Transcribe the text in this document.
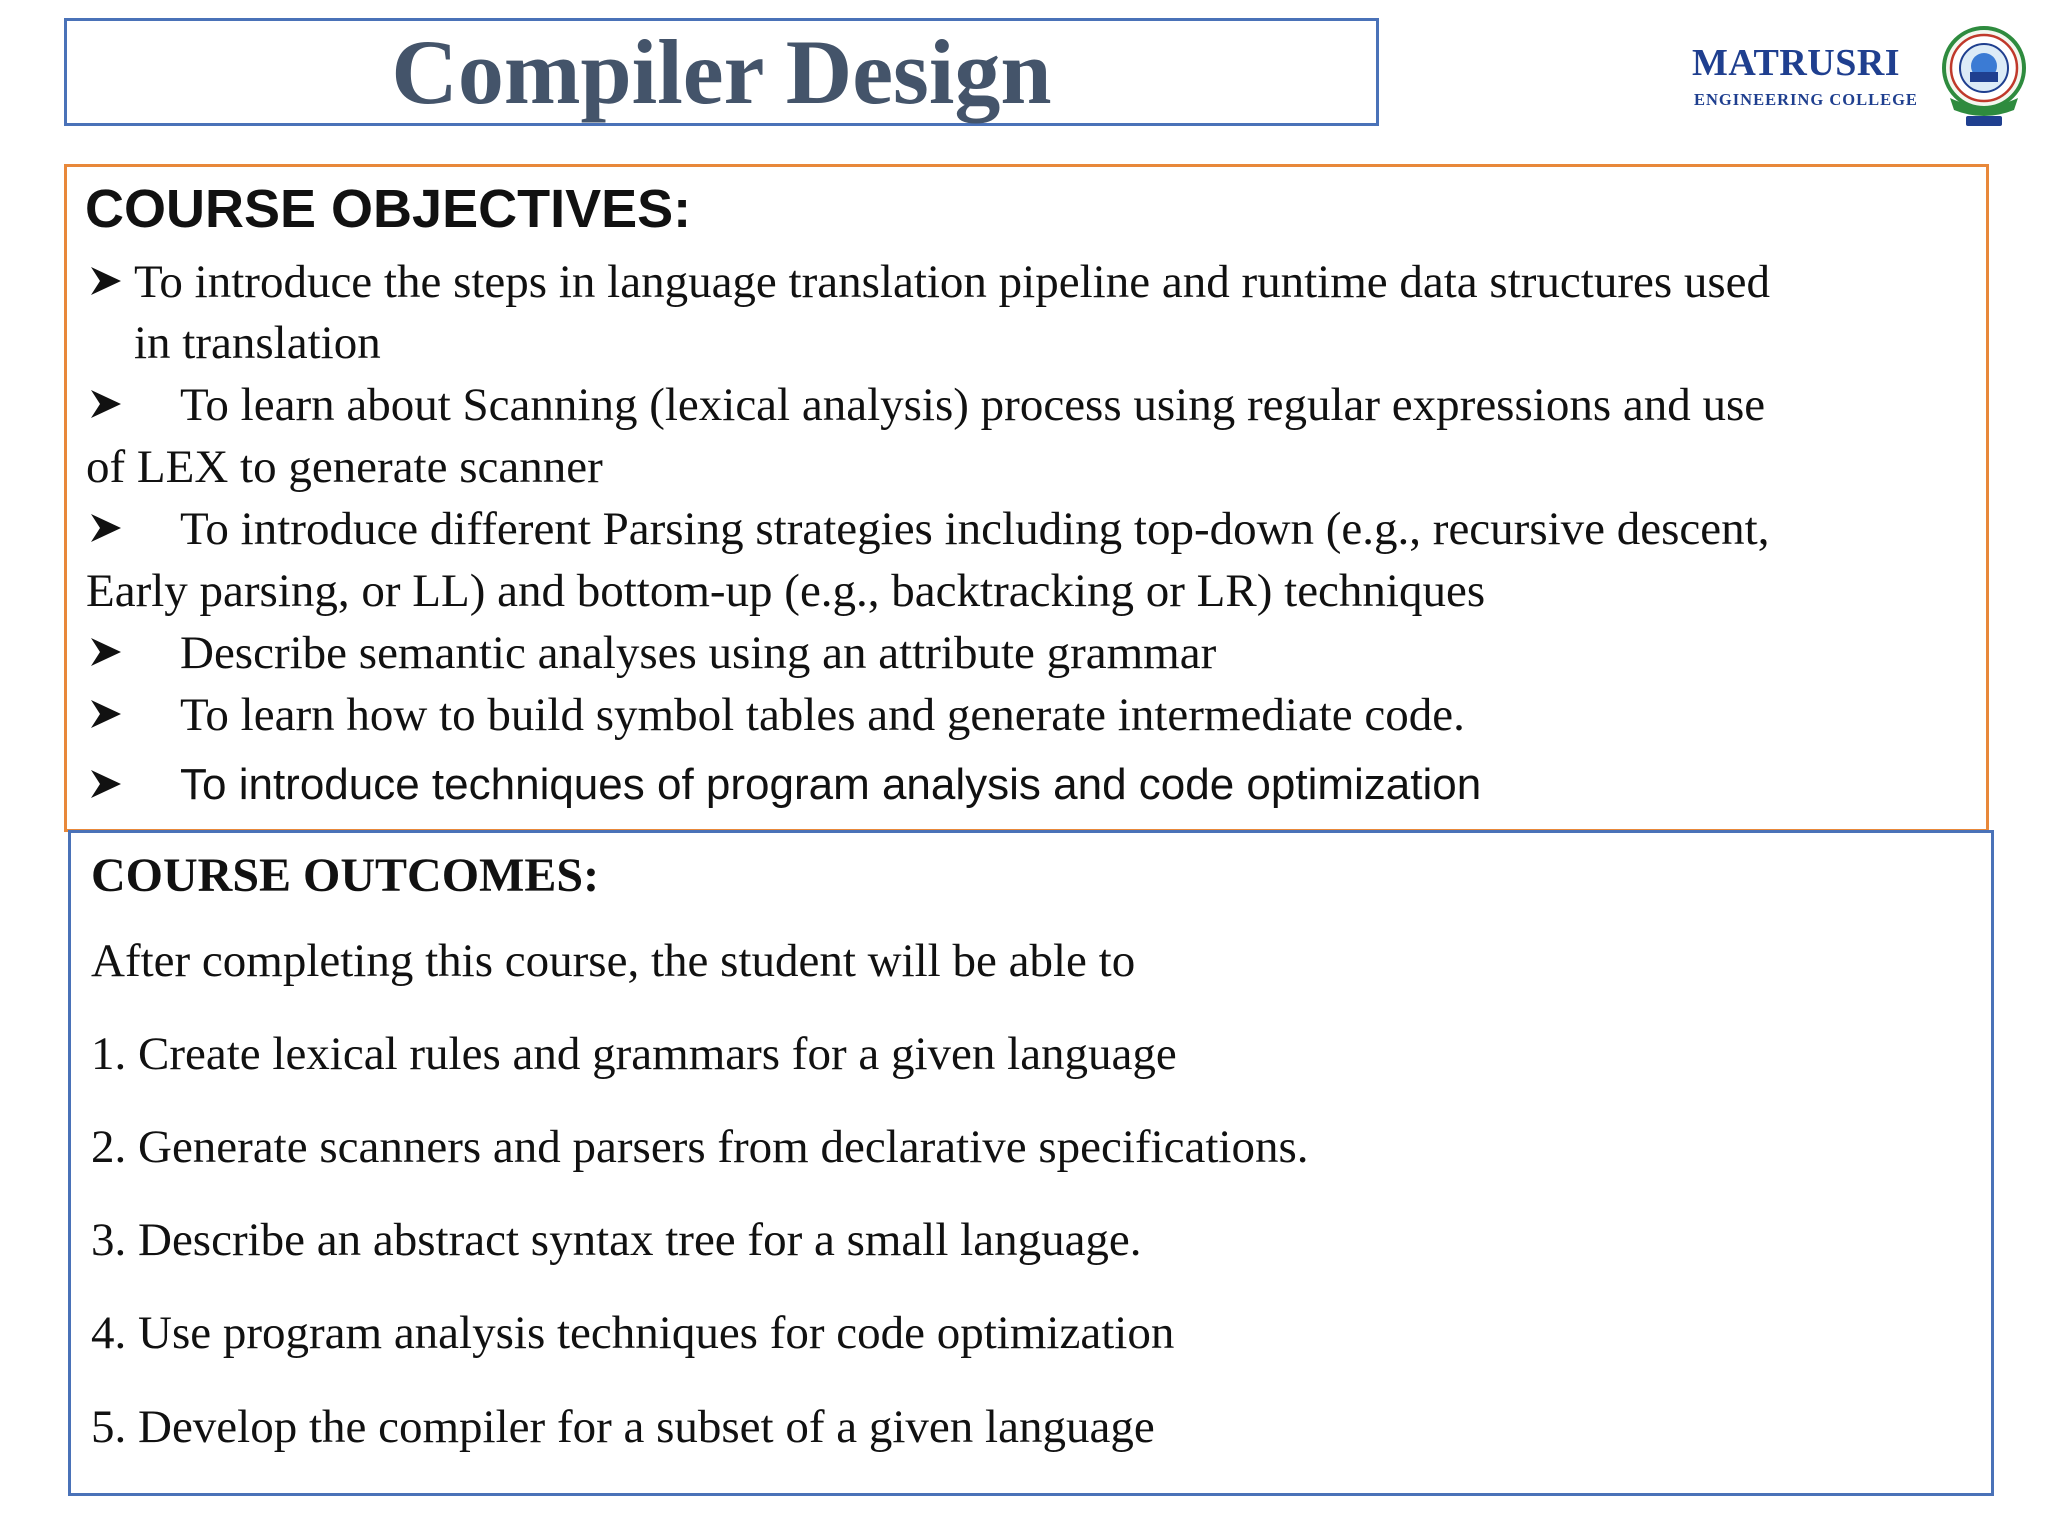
Compiler Design	MATRUSRI
ENGINEERING COLLEGE
COURSE OBJECTIVES:
To introduce the steps in language translation pipeline and runtime data structures used
in translation
To learn about Scanning (lexical analysis) process using regular expressions and use
of LEX to generate scanner
To introduce different Parsing strategies including top-down (e.g., recursive descent,
Early parsing, or LL) and bottom-up (e.g., backtracking or LR) techniques
Describe semantic analyses using an attribute grammar
To learn how to build symbol tables and generate intermediate code.
To introduce techniques of program analysis and code optimization
COURSE OUTCOMES:
After completing this course, the student will be able to
1. Create lexical rules and grammars for a given language
2. Generate scanners and parsers from declarative specifications.
3. Describe an abstract syntax tree for a small language.
4. Use program analysis techniques for code optimization
5. Develop the compiler for a subset of a given language
